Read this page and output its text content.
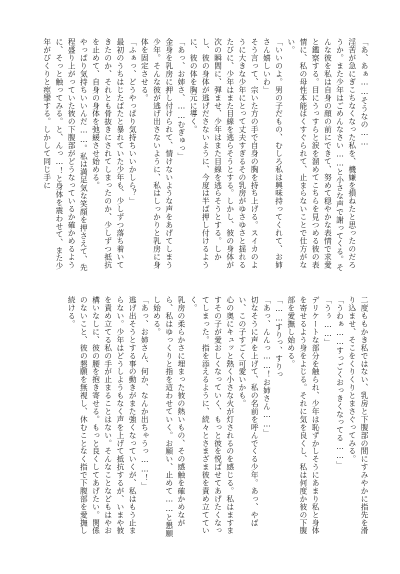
「あ、あぁ……そうなの……

淫苦が急にぎこちなくなった私を、機嫌を損ねたと思ったのだろうか。また少年はごめんなさい……と小さな声で謝ってくる。そんな彼を私は自身の顔の前にできて、努めて穏やかな表情で求愛と鑑察する。目にうっすらと涙を溜めてこちらを見つめる彼の表情に、私の母性本能はくすぐられて、止まらないことで仕方がない。

「いいのよ。男の子だもの、むしろ私は興味持ってくれて、お姉さん嬉しいわ」

そう言って、宗いた方の手で自身の胸を持ち上げる。スイカのように大きな少年にとって丈夫すぎるその乳房がゆさゆさと揺れるたびに、少年はまた目線を逃らそうとする。しかし、彼の身体が次の瞬間に、弾ませ、少年はまた目線を逃らそうとする。しかし、彼の身体が逃げださないように、今度は半ば押し付けるように、彼の体を胸元に導く。

「あっ、お姉さ、……むぎゅっ」

金身を乳房に押し付けられて、情けないような声をあげてしまう少年。そんな彼が逃げ出さないように、私はしっかりと乳房に身体を固定させる。

「ふぁっ、どうやっぱり気持ちいいかしら？」

最初のうちはじたばたと暴れていた少年も、少しずつ落ち着いてきたのか、それとも骨抜きにされてしまったのか、少しずつ抵抗を止めて、自身の身体を弛緩させ始める。

やっぱり気持ちいいんだ……。私は満足気な笑顔を押さえて、先程盛り上がっていた彼の下腹部がどうなっているか確かめるように、そっと触ってみる。と、んっ…！と身体を震わせて、また少年がぴくりと痙攣する。しかして同じ手に

二度ももかき私ではない、乳房と下腹部の間にすみやかに指先を滑り込ませ、そこをくりくりとまさぐってみる。

「うわぁ……すっごくおっきくなってる……」

「うぅ……」

デリケートな部分を触られ、少年は恥ずかしそうにあまり私と身体を寄せるよう身をよじる。それに気を良くし、私は何度か彼の下腹部を愛撫し始める。

「……すりっ、すりっ

「あっ、んんっ……！お姉さん……」

切なそうに声を上げて、私の名前を呼んでくる少年。あっ、やばい、この子すごく可愛いかも。

心の奥にキュッと熱く小さな火が灯されるのを感じる。私はますますその子が愛おしくなっていく、もっと彼を悦ばせてあげたくなってしまった。指を添えるように、続々とさまざま彼を責め立てていく。

乳房の柔らかさに埋まった彼の熱いもの、その感触を確かめながら、私はゆっくりと指を這わせていく。お願い、止めて……と懇願し始める。

「あっ、お姉さん、何か、なんか出ちゃうっ……！」

逃げ出そうとする事の動きがまた強くなっていくが、私はもう止まらない。少年はどうしようもなく声を上げて抵抗するが、いまや彼を責め立てる私の手が止まることはない。そんなことなどもはやお構いなしに、彼の腰を抱き寄せる。もっと良くしてあげたい。関係のないこと、彼の懇願を無視し、休むことなく指で下腹部を愛撫し続ける。
